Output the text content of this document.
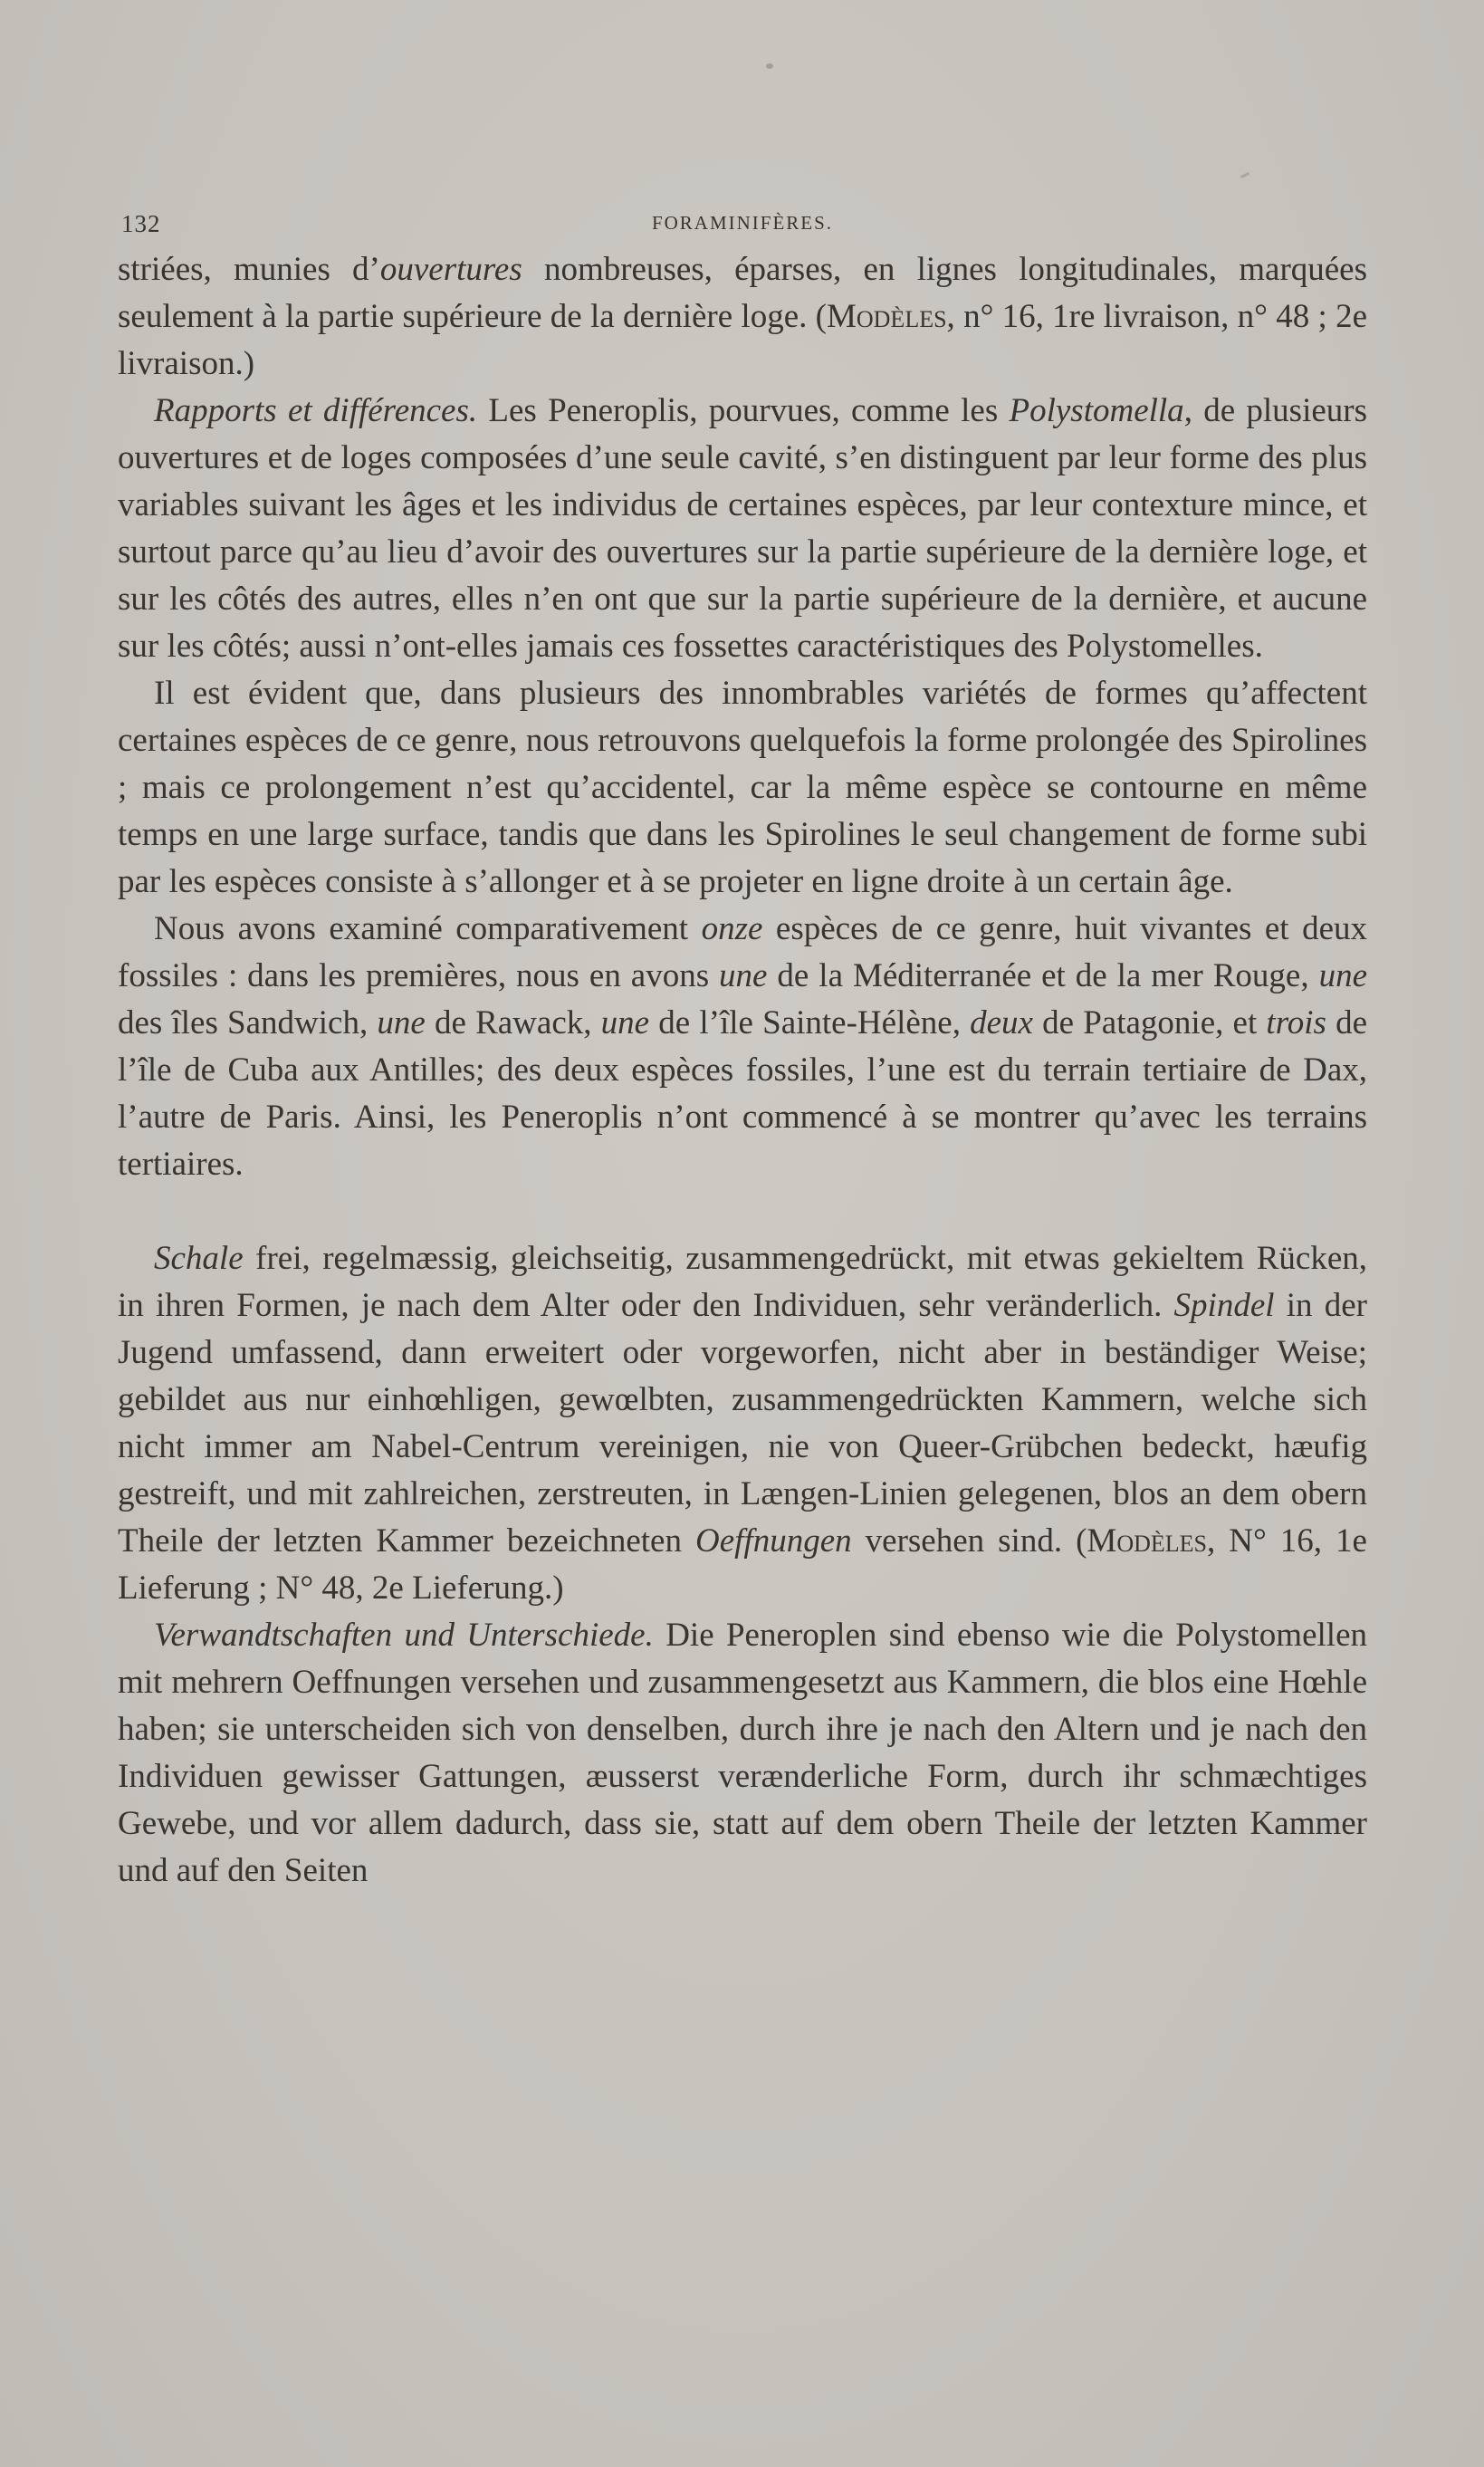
132	FORAMINIFÈRES.

striées, munies d’ouvertures nombreuses, éparses, en lignes longitudinales, marquées seulement à la partie supérieure de la dernière loge. (Modèles, n° 16, 1re livraison, n° 48 ; 2e livraison.)

Rapports et différences. Les Peneroplis, pourvues, comme les Polystomella, de plusieurs ouvertures et de loges composées d’une seule cavité, s’en distinguent par leur forme des plus variables suivant les âges et les individus de certaines espèces, par leur contexture mince, et surtout parce qu’au lieu d’avoir des ouvertures sur la partie supérieure de la dernière loge, et sur les côtés des autres, elles n’en ont que sur la partie supérieure de la dernière, et aucune sur les côtés; aussi n’ont-elles jamais ces fossettes caractéristiques des Polystomelles.

Il est évident que, dans plusieurs des innombrables variétés de formes qu’affectent certaines espèces de ce genre, nous retrouvons quelquefois la forme prolongée des Spirolines ; mais ce prolongement n’est qu’accidentel, car la même espèce se contourne en même temps en une large surface, tandis que dans les Spirolines le seul changement de forme subi par les espèces consiste à s’allonger et à se projeter en ligne droite à un certain âge.

Nous avons examiné comparativement onze espèces de ce genre, huit vivantes et deux fossiles : dans les premières, nous en avons une de la Méditerranée et de la mer Rouge, une des îles Sandwich, une de Rawack, une de l’île Sainte-Hélène, deux de Patagonie, et trois de l’île de Cuba aux Antilles; des deux espèces fossiles, l’une est du terrain tertiaire de Dax, l’autre de Paris. Ainsi, les Peneroplis n’ont commencé à se montrer qu’avec les terrains tertiaires.

Schale frei, regelmæssig, gleichseitig, zusammengedrückt, mit etwas gekieltem Rücken, in ihren Formen, je nach dem Alter oder den Individuen, sehr veränderlich. Spindel in der Jugend umfassend, dann erweitert oder vorgeworfen, nicht aber in beständiger Weise; gebildet aus nur einhœhligen, gewœlbten, zusammengedrückten Kammern, welche sich nicht immer am Nabel-Centrum vereinigen, nie von Queer-Grübchen bedeckt, hæufig gestreift, und mit zahlreichen, zerstreuten, in Længen-Linien gelegenen, blos an dem obern Theile der letzten Kammer bezeichneten Oeffnungen versehen sind. (Modèles, N° 16, 1e Lieferung ; N° 48, 2e Lieferung.)

Verwandtschaften und Unterschiede. Die Peneroplen sind ebenso wie die Polystomellen mit mehrern Oeffnungen versehen und zusammengesetzt aus Kammern, die blos eine Hœhle haben; sie unterscheiden sich von denselben, durch ihre je nach den Altern und je nach den Individuen gewisser Gattungen, æusserst verænderliche Form, durch ihr schmæchtiges Gewebe, und vor allem dadurch, dass sie, statt auf dem obern Theile der letzten Kammer und auf den Seiten
